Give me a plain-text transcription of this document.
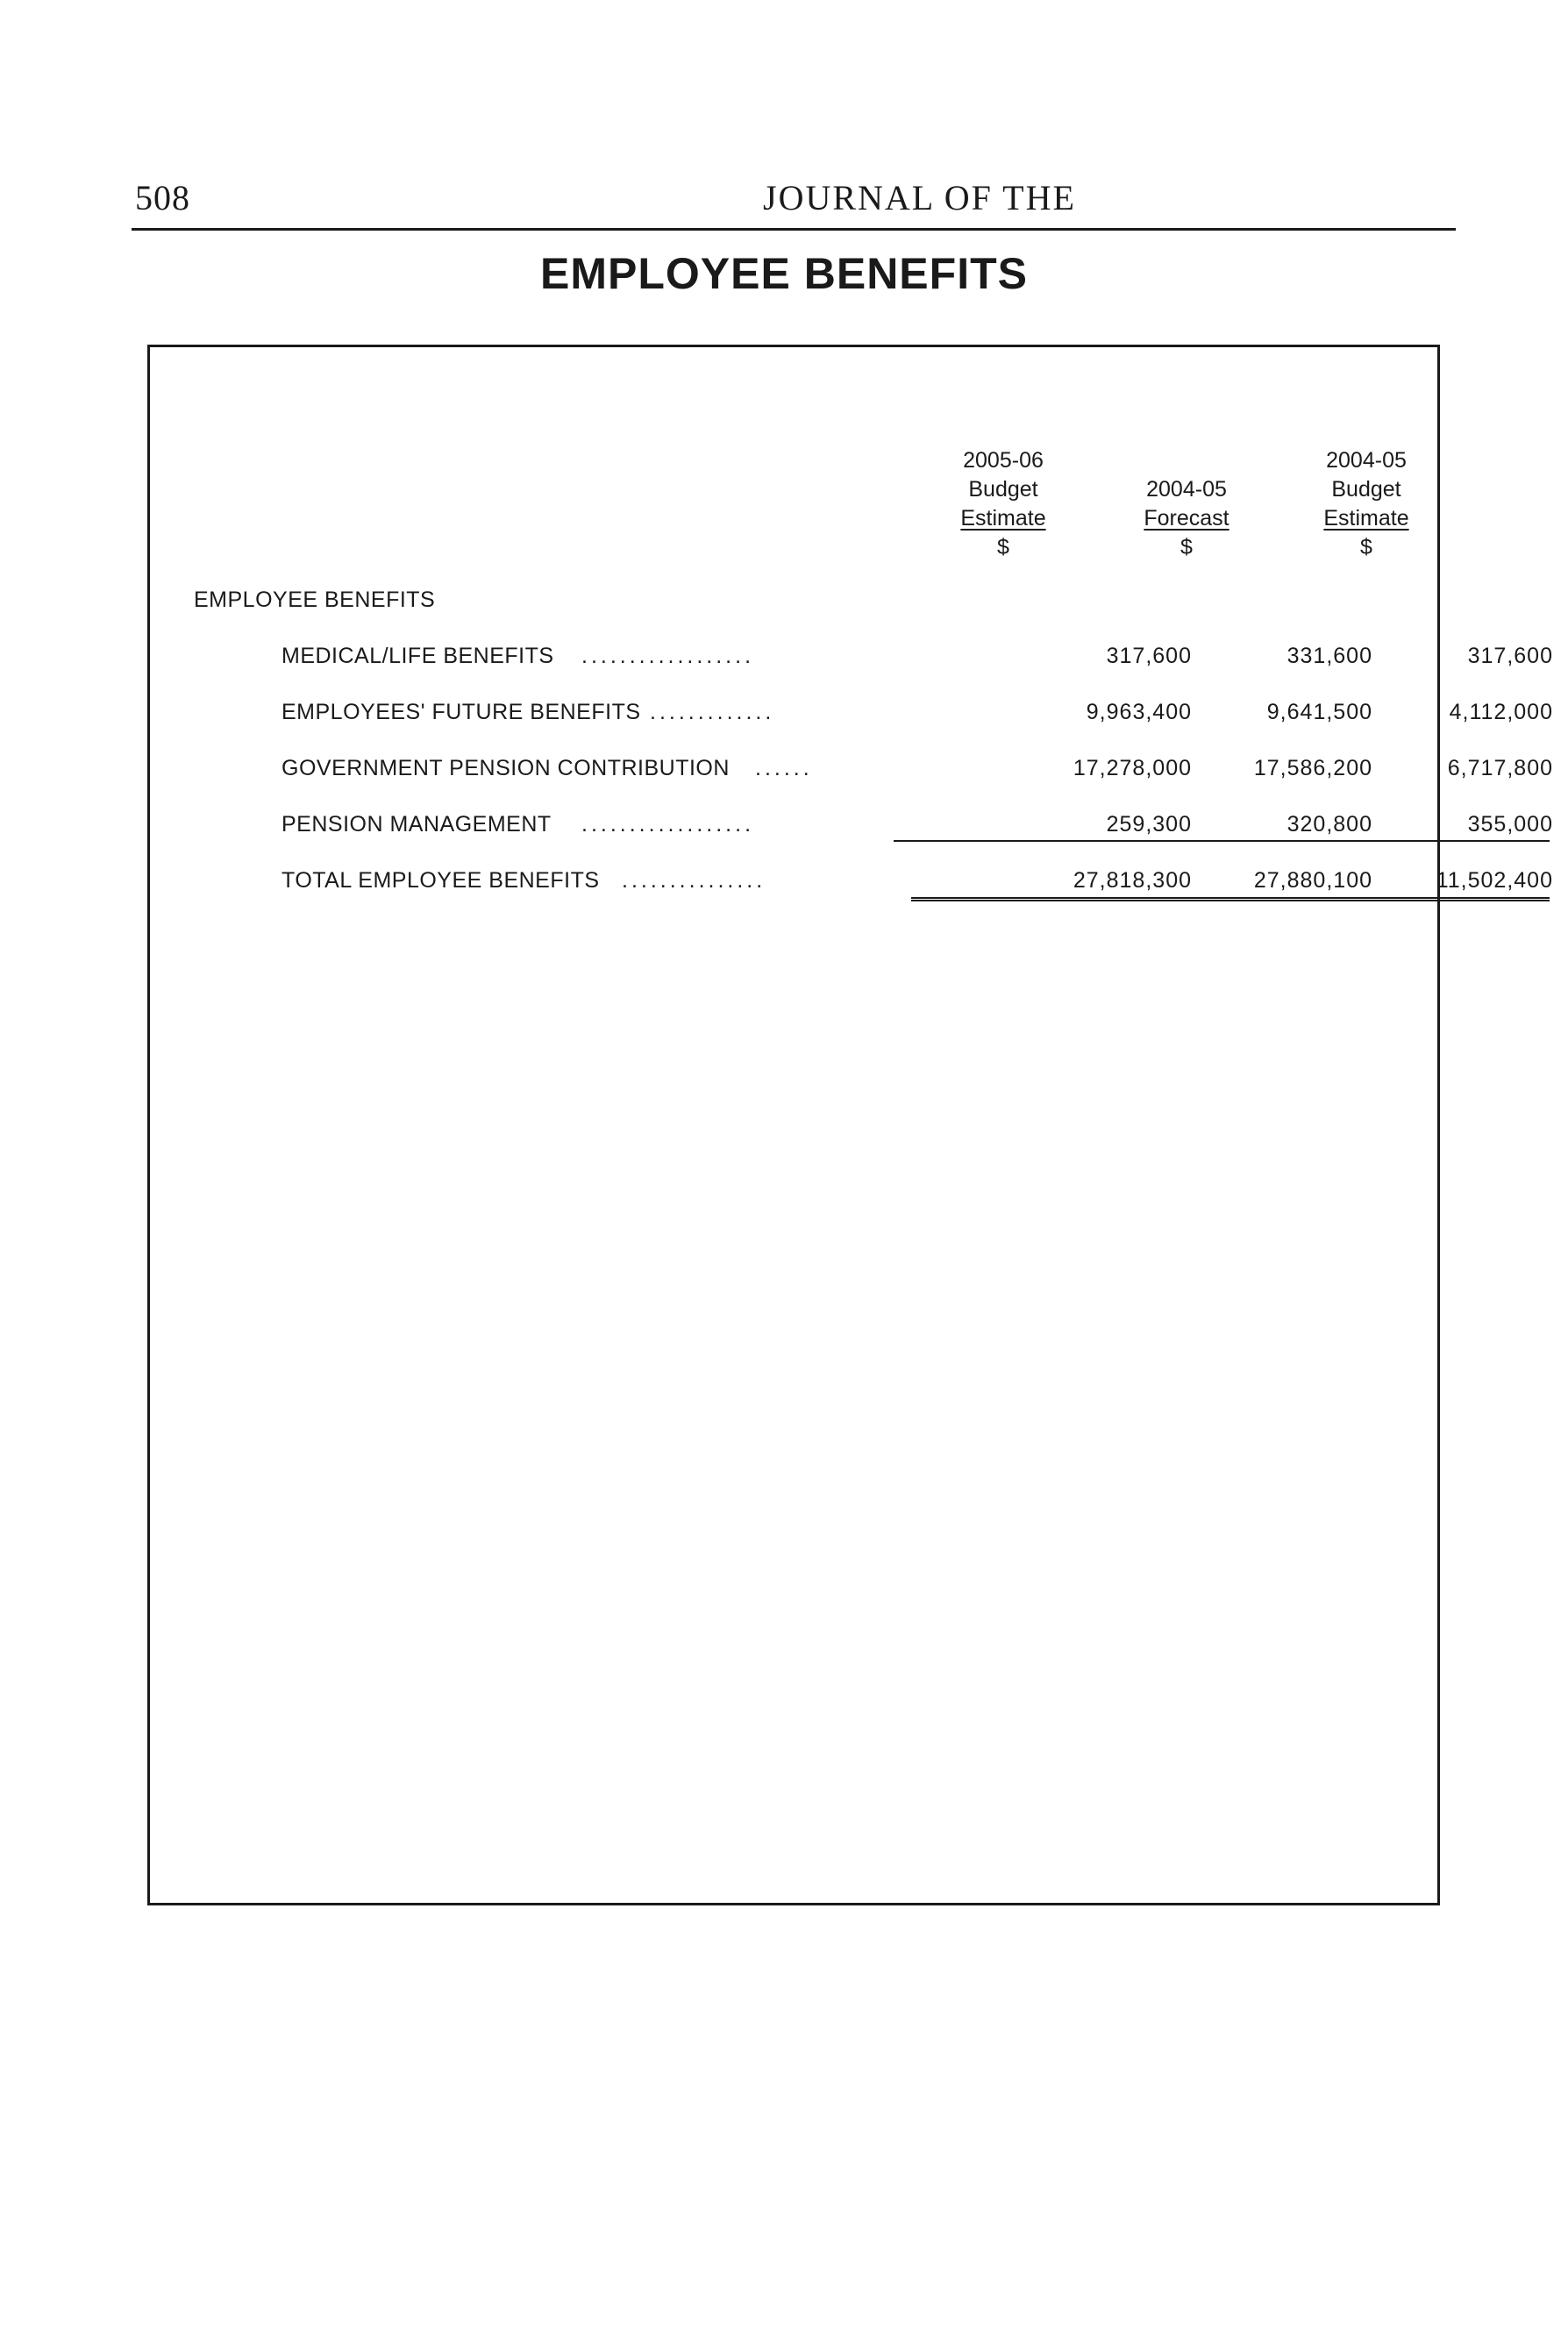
508	JOURNAL OF THE
EMPLOYEE BENEFITS
2005-06
Budget
Estimate
$
2004-05
Forecast
$
2004-05
Budget
Estimate
$
EMPLOYEE BENEFITS
MEDICAL/LIFE BENEFITS ..................	317,600	331,600	317,600
EMPLOYEES' FUTURE BENEFITS .............	9,963,400	9,641,500	4,112,000
GOVERNMENT PENSION CONTRIBUTION ......	17,278,000	17,586,200	6,717,800
PENSION MANAGEMENT ..................	259,300	320,800	355,000
TOTAL EMPLOYEE BENEFITS ...............	27,818,300	27,880,100	11,502,400
